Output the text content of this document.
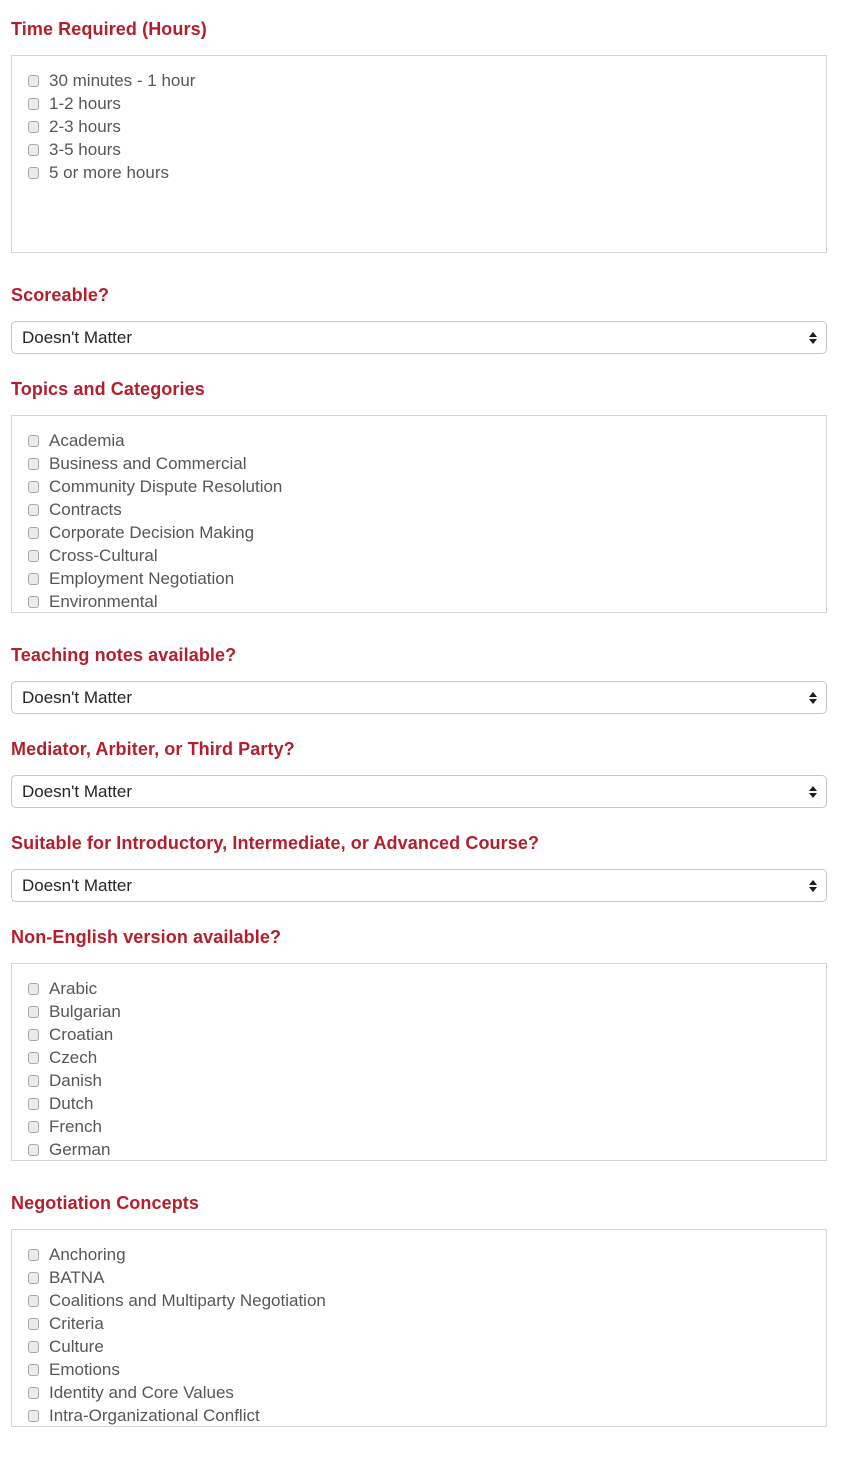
Time Required (Hours)
30 minutes - 1 hour
1-2 hours
2-3 hours
3-5 hours
5 or more hours
Scoreable?
Doesn't Matter
Topics and Categories
Academia
Business and Commercial
Community Dispute Resolution
Contracts
Corporate Decision Making
Cross-Cultural
Employment Negotiation
Environmental
Teaching notes available?
Doesn't Matter
Mediator, Arbiter, or Third Party?
Doesn't Matter
Suitable for Introductory, Intermediate, or Advanced Course?
Doesn't Matter
Non-English version available?
Arabic
Bulgarian
Croatian
Czech
Danish
Dutch
French
German
Negotiation Concepts
Anchoring
BATNA
Coalitions and Multiparty Negotiation
Criteria
Culture
Emotions
Identity and Core Values
Intra-Organizational Conflict
